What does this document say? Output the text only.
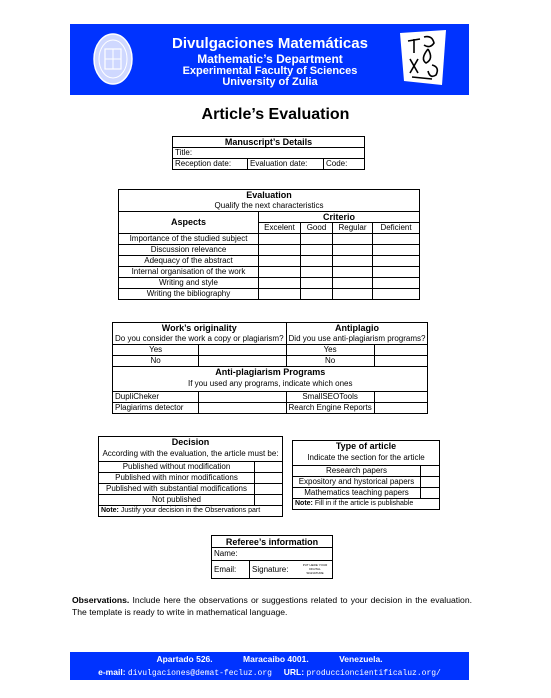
Divulgaciones Matemáticas
Mathematic’s Department
Experimental Faculty of Sciences
University of Zulia
Article’s Evaluation
Manuscript’s Details
Title:
Reception date:	Evaluation date:	Code:
Evaluation				
Qualify the next characteristics				
Aspects	Criterio			
	Excelent	Good	Regular	Deficient
Importance of the studied subject				
Discussion relevance				
Adequacy of the abstract				
Internal organisation of the work				
Writing and style				
Writing the bibliography				
Work’s originality		Antiplagio	
Do you consider the work a copy or plagiarism?		Did you use anti-plagiarism programs?	
Yes		Yes	
No		No	
Anti-plagiarism Programs			
If you used any programs, indicate which ones			
DupliCheker		SmallSEOTools	
Plagiarims detector		Rearch Engine Reports	
Decision	
According with the evaluation, the article must be:	
Published without modification	
Published with minor modifications	
Published with substantial modifications	
Not published	
Note: Justify your decision in the Observations part	
Type of article	
Indicate the section for the article	
Research papers	
Expository and hystorical papers	
Mathematics teaching papers	
Note: Fill in if the article is publishable	
Referee’s information
Name:
Email:	Signature:	PUT HERE YOUR DIGITAL SIGNATURE
Observations. Include here the observations or suggestions related to your decision in the evaluation. The template is ready to write in mathematical language.
Apartado 526.	Maracaibo 4001.	Venezuela.
e-mail: divulgaciones@demat-fecluz.org URL: produccioncientificaluz.org/
